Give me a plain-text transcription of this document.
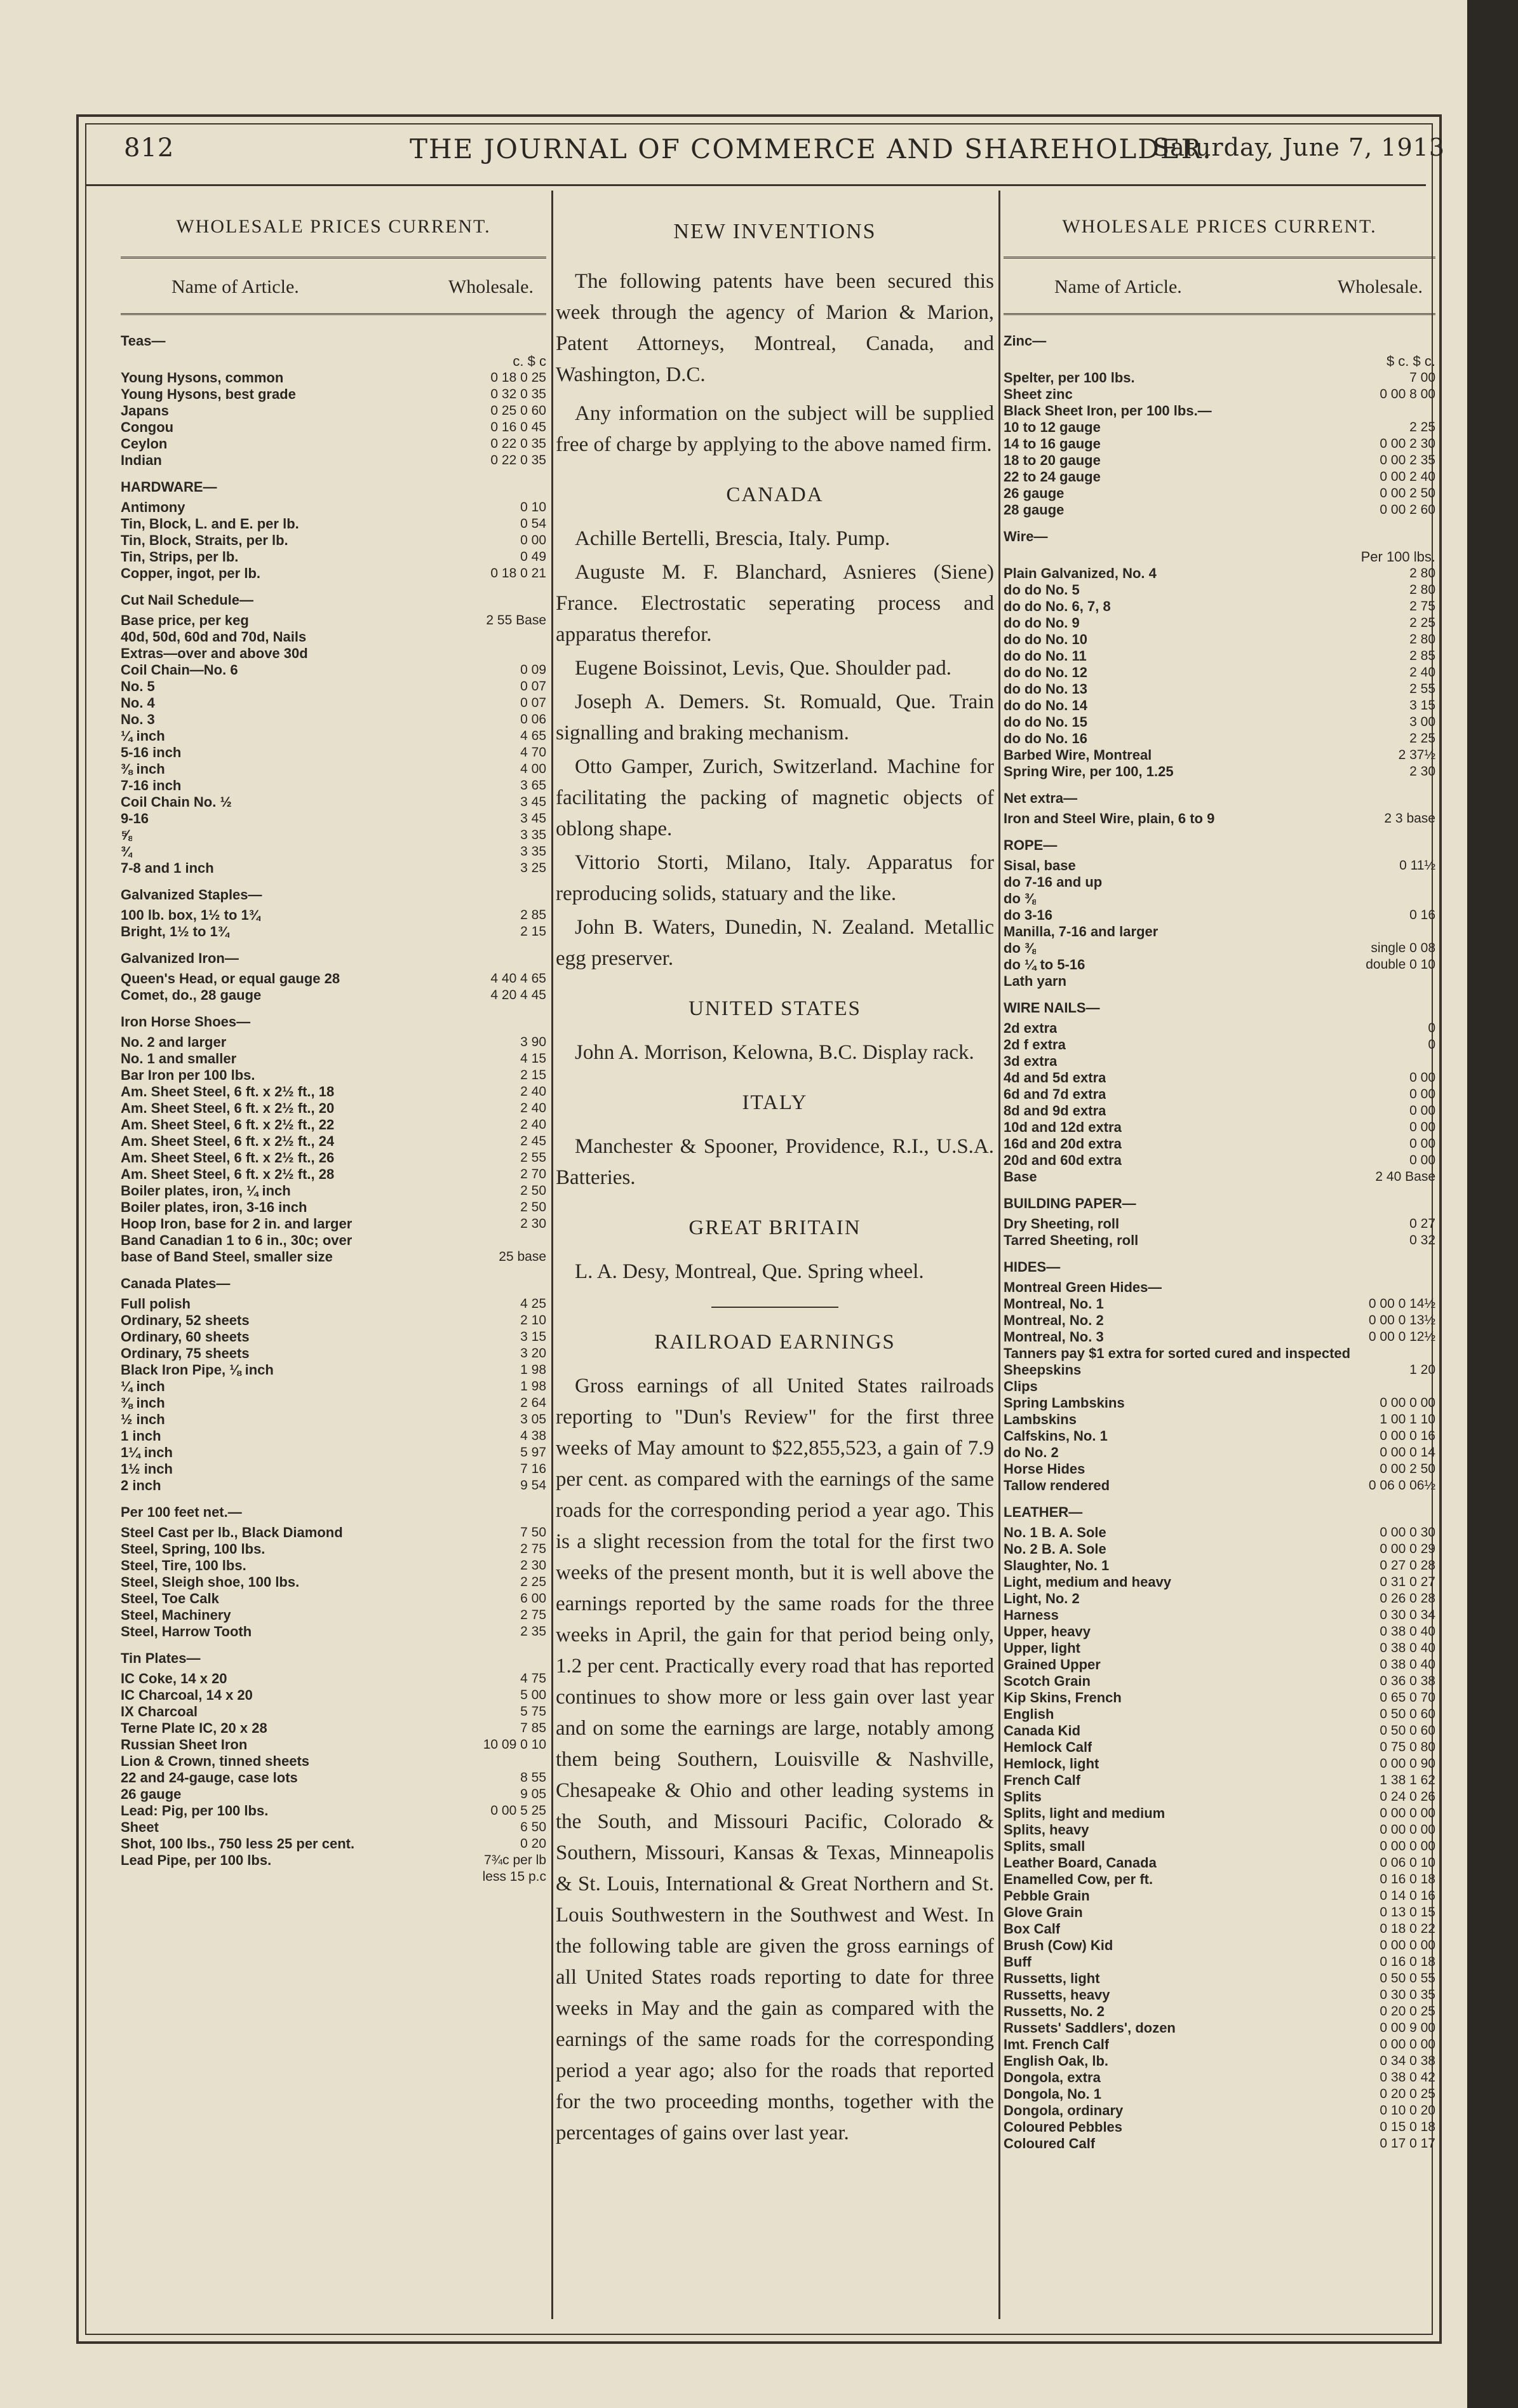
812	THE JOURNAL OF COMMERCE AND SHAREHOLDER.
Saturday, June 7, 1913
WHOLESALE PRICES CURRENT.
Name of Article.	Wholesale.
Teas—
c. $ c
Young Hysons, common	0 18 0 25
Young Hysons, best grade	0 32 0 35
Japans	0 25 0 60
Congou	0 16 0 45
Ceylon	0 22 0 35
Indian	0 22 0 35
HARDWARE—
Antimony	0 10
Tin, Block, L. and E. per lb.	0 54
Tin, Block, Straits, per lb.	0 00
Tin, Strips, per lb.	0 49
Copper, ingot, per lb.	0 18 0 21
Cut Nail Schedule—
Base price, per keg	2 55 Base
40d, 50d, 60d and 70d, Nails
Extras—over and above 30d
Coil Chain—No. 6	0 09
No. 5	0 07
No. 4	0 07
No. 3	0 06
¼ inch	4 65
5-16 inch	4 70
⅜ inch	4 00
7-16 inch	3 65
Coil Chain No. ½	3 45
9-16	3 45
⅝	3 35
¾	3 35
7-8 and 1 inch	3 25
Galvanized Staples—
100 lb. box, 1½ to 1¾	2 85
Bright, 1½ to 1¾	2 15
Galvanized Iron—
Queen's Head, or equal gauge 28	4 40 4 65
Comet, do., 28 gauge	4 20 4 45
Iron Horse Shoes—
No. 2 and larger	3 90
No. 1 and smaller	4 15
Bar Iron per 100 lbs.	2 15
Am. Sheet Steel, 6 ft. x 2½ ft., 18	2 40
Am. Sheet Steel, 6 ft. x 2½ ft., 20	2 40
Am. Sheet Steel, 6 ft. x 2½ ft., 22	2 40
Am. Sheet Steel, 6 ft. x 2½ ft., 24	2 45
Am. Sheet Steel, 6 ft. x 2½ ft., 26	2 55
Am. Sheet Steel, 6 ft. x 2½ ft., 28	2 70
Boiler plates, iron, ¼ inch	2 50
Boiler plates, iron, 3-16 inch	2 50
Hoop Iron, base for 2 in. and larger	2 30
Band Canadian 1 to 6 in., 30c; over
base of Band Steel, smaller size	25 base
Canada Plates—
Full polish	4 25
Ordinary, 52 sheets	2 10
Ordinary, 60 sheets	3 15
Ordinary, 75 sheets	3 20
Black Iron Pipe, ⅛ inch	1 98
¼ inch	1 98
⅜ inch	2 64
½ inch	3 05
1 inch	4 38
1¼ inch	5 97
1½ inch	7 16
2 inch	9 54
Per 100 feet net.—
Steel Cast per lb., Black Diamond	7 50
Steel, Spring, 100 lbs.	2 75
Steel, Tire, 100 lbs.	2 30
Steel, Sleigh shoe, 100 lbs.	2 25
Steel, Toe Calk	6 00
Steel, Machinery	2 75
Steel, Harrow Tooth	2 35
Tin Plates—
IC Coke, 14 x 20	4 75
IC Charcoal, 14 x 20	5 00
IX Charcoal	5 75
Terne Plate IC, 20 x 28	7 85
Russian Sheet Iron	10 09 0 10
Lion & Crown, tinned sheets
22 and 24-gauge, case lots	8 55
26 gauge	9 05
Lead: Pig, per 100 lbs.	0 00 5 25
Sheet	6 50
Shot, 100 lbs., 750 less 25 per cent.	0 20
Lead Pipe, per 100 lbs.	7¾c per lb
less 15 p.c
NEW INVENTIONS

The following patents have been secured this week through the agency of Marion & Marion, Patent Attorneys, Montreal, Canada, and Washington, D.C.

Any information on the subject will be supplied free of charge by applying to the above named firm.

CANADA
Achille Bertelli, Brescia, Italy. Pump.
Auguste M. F. Blanchard, Asnieres (Siene) France. Electrostatic seperating process and apparatus therefor.
Eugene Boissinot, Levis, Que. Shoulder pad.
Joseph A. Demers. St. Romuald, Que. Train signalling and braking mechanism.
Otto Gamper, Zurich, Switzerland. Machine for facilitating the packing of magnetic objects of oblong shape.
Vittorio Storti, Milano, Italy. Apparatus for reproducing solids, statuary and the like.
John B. Waters, Dunedin, N. Zealand. Metallic egg preserver.
UNITED STATES
John A. Morrison, Kelowna, B.C. Display rack.
ITALY
Manchester & Spooner, Providence, R.I., U.S.A. Batteries.
GREAT BRITAIN
L. A. Desy, Montreal, Que. Spring wheel.
RAILROAD EARNINGS

Gross earnings of all United States railroads reporting to "Dun's Review" for the first three weeks of May amount to $22,855,523, a gain of 7.9 per cent. as compared with the earnings of the same roads for the corresponding period a year ago. This is a slight recession from the total for the first two weeks of the present month, but it is well above the earnings reported by the same roads for the three weeks in April, the gain for that period being only, 1.2 per cent. Practically every road that has reported continues to show more or less gain over last year and on some the earnings are large, notably among them being Southern, Louisville & Nashville, Chesapeake & Ohio and other leading systems in the South, and Missouri Pacific, Colorado & Southern, Missouri, Kansas & Texas, Minneapolis & St. Louis, International & Great Northern and St. Louis Southwestern in the Southwest and West. In the following table are given the gross earnings of all United States roads reporting to date for three weeks in May and the gain as compared with the earnings of the same roads for the corresponding period a year ago; also for the roads that reported for the two proceeding months, together with the percentages of gains over last year.

WHOLESALE PRICES CURRENT.
Name of Article.	Wholesale.
Zinc—
$ c. $ c.
Spelter, per 100 lbs.	7 00
Sheet zinc	0 00 8 00
Black Sheet Iron, per 100 lbs.—
10 to 12 gauge	2 25
14 to 16 gauge	0 00 2 30
18 to 20 gauge	0 00 2 35
22 to 24 gauge	0 00 2 40
26 gauge	0 00 2 50
28 gauge	0 00 2 60
Wire—
Per 100 lbs.
Plain Galvanized, No. 4	2 80
do do No. 5	2 80
do do No. 6, 7, 8	2 75
do do No. 9	2 25
do do No. 10	2 80
do do No. 11	2 85
do do No. 12	2 40
do do No. 13	2 55
do do No. 14	3 15
do do No. 15	3 00
do do No. 16	2 25
Barbed Wire, Montreal	2 37½
Spring Wire, per 100, 1.25	2 30
Net extra—
Iron and Steel Wire, plain, 6 to 9	2 3 base
ROPE—
Sisal, base	0 11½
do 7-16 and up
do ⅜
do 3-16	0 16
Manilla, 7-16 and larger
do ⅜	single 0 08
do ¼ to 5-16	double 0 10
Lath yarn
WIRE NAILS—
2d extra	0
2d f extra	0
3d extra
4d and 5d extra	0 00
6d and 7d extra	0 00
8d and 9d extra	0 00
10d and 12d extra	0 00
16d and 20d extra	0 00
20d and 60d extra	0 00
Base	2 40 Base
BUILDING PAPER—
Dry Sheeting, roll	0 27
Tarred Sheeting, roll	0 32
HIDES—
Montreal Green Hides—
Montreal, No. 1	0 00 0 14½
Montreal, No. 2	0 00 0 13½
Montreal, No. 3	0 00 0 12½
Tanners pay $1 extra for sorted cured and inspected
Sheepskins	1 20
Clips
Spring Lambskins	0 00 0 00
Lambskins	1 00 1 10
Calfskins, No. 1	0 00 0 16
do No. 2	0 00 0 14
Horse Hides	0 00 2 50
Tallow rendered	0 06 0 06½
LEATHER—
No. 1 B. A. Sole	0 00 0 30
No. 2 B. A. Sole	0 00 0 29
Slaughter, No. 1	0 27 0 28
Light, medium and heavy	0 31 0 27
Light, No. 2	0 26 0 28
Harness	0 30 0 34
Upper, heavy	0 38 0 40
Upper, light	0 38 0 40
Grained Upper	0 38 0 40
Scotch Grain	0 36 0 38
Kip Skins, French	0 65 0 70
English	0 50 0 60
Canada Kid	0 50 0 60
Hemlock Calf	0 75 0 80
Hemlock, light	0 00 0 90
French Calf	1 38 1 62
Splits	0 24 0 26
Splits, light and medium	0 00 0 00
Splits, heavy	0 00 0 00
Splits, small	0 00 0 00
Leather Board, Canada	0 06 0 10
Enamelled Cow, per ft.	0 16 0 18
Pebble Grain	0 14 0 16
Glove Grain	0 13 0 15
Box Calf	0 18 0 22
Brush (Cow) Kid	0 00 0 00
Buff	0 16 0 18
Russetts, light	0 50 0 55
Russetts, heavy	0 30 0 35
Russetts, No. 2	0 20 0 25
Russets' Saddlers', dozen	0 00 9 00
Imt. French Calf	0 00 0 00
English Oak, lb.	0 34 0 38
Dongola, extra	0 38 0 42
Dongola, No. 1	0 20 0 25
Dongola, ordinary	0 10 0 20
Coloured Pebbles	0 15 0 18
Coloured Calf	0 17 0 17
